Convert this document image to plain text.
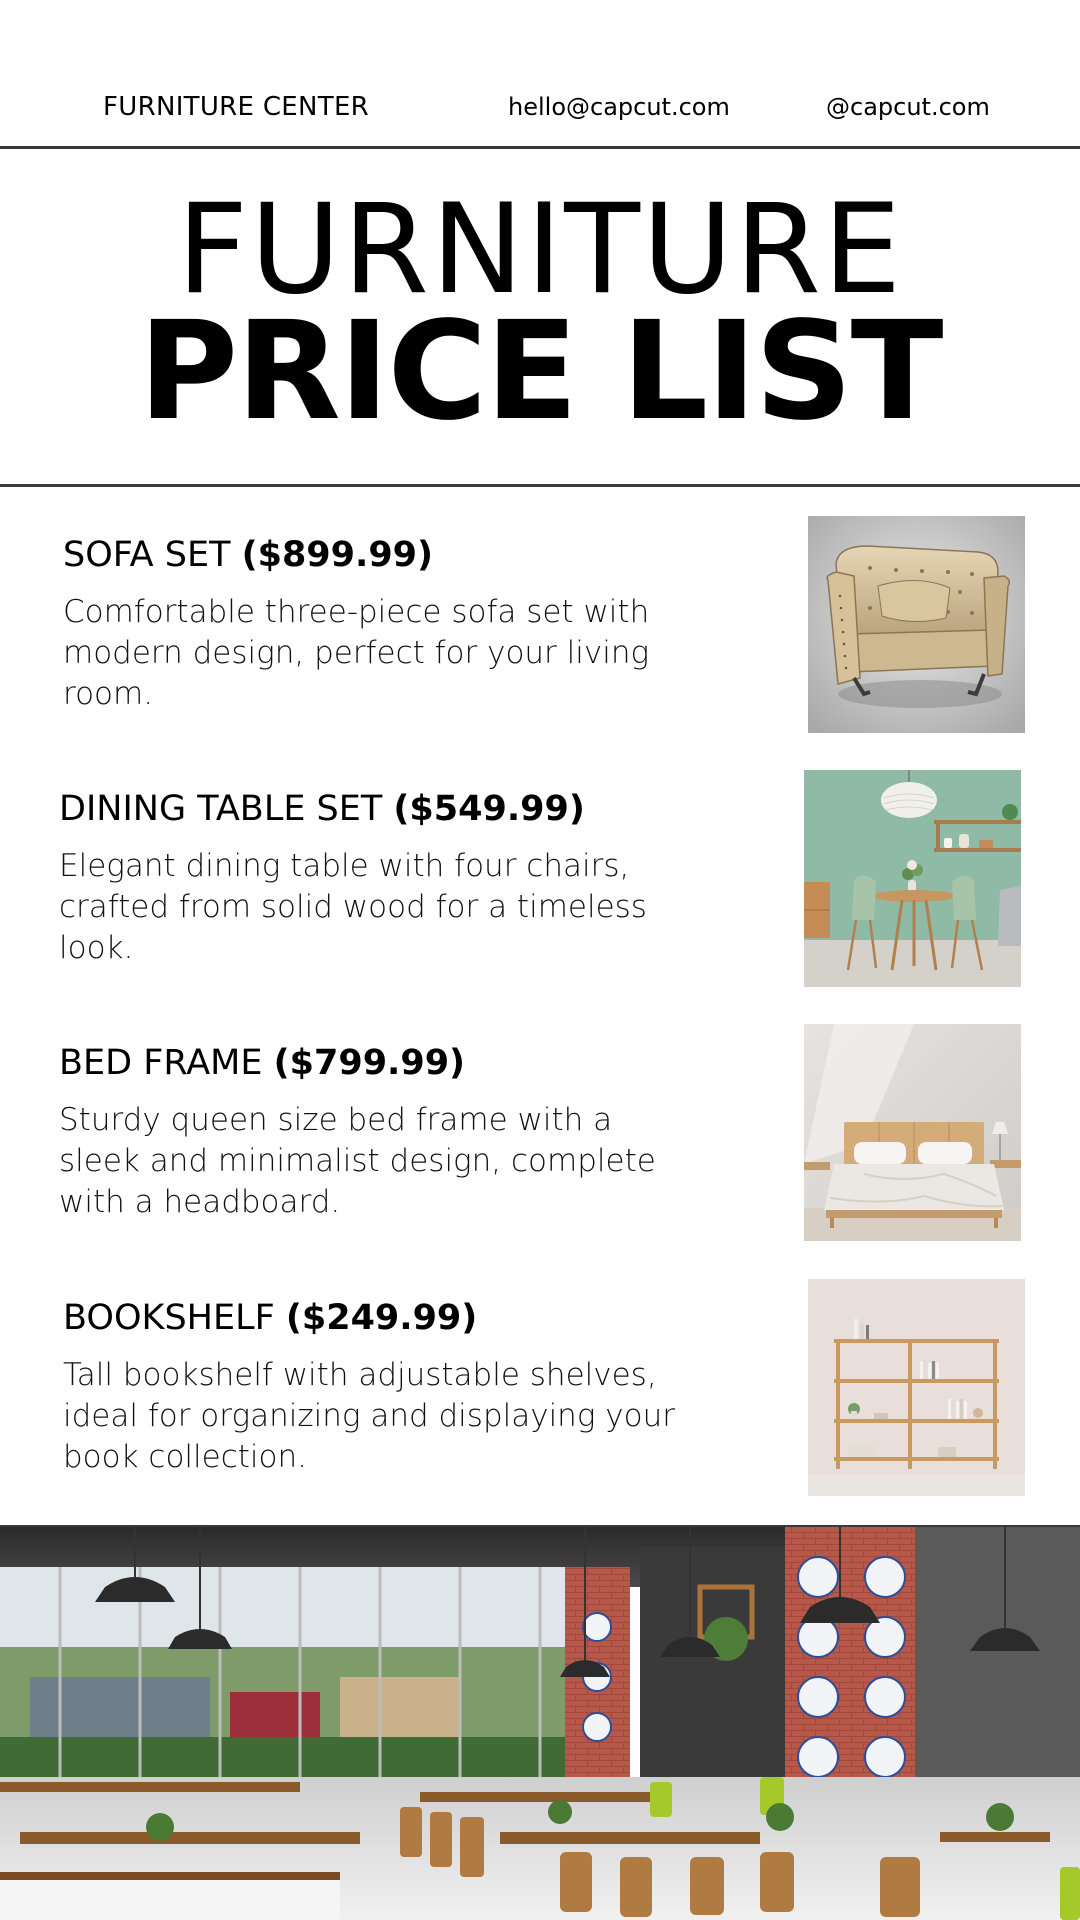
FURNITURE CENTER	hello@capcut.com	@capcut.com
FURNITURE
PRICE LIST
SOFA SET ($899.99)
Comfortable three-piece sofa set with modern design, perfect for your living room.
DINING TABLE SET ($549.99)
Elegant dining table with four chairs, crafted from solid wood for a timeless look.
BED FRAME ($799.99)
Sturdy queen size bed frame with a sleek and minimalist design, complete with a headboard.
BOOKSHELF ($249.99)
Tall bookshelf with adjustable shelves, ideal for organizing and displaying your book collection.
